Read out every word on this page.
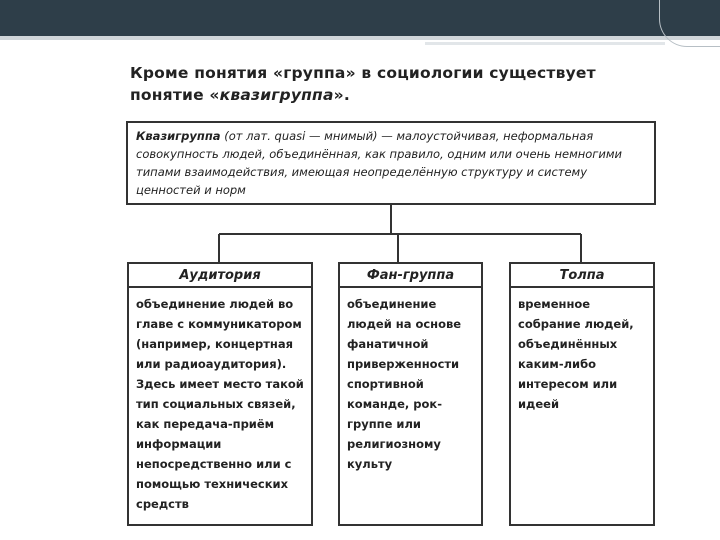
Кроме понятия «группа» в социологии существует
понятие «квазигруппа».
Квазигруппа (от лат. quasi — мнимый) — малоустойчивая, неформальная совокупность людей, объединённая, как правило, одним или очень немногими типами взаимодействия, имеющая неопределённую структуру и систему ценностей и норм
Аудитория
объединение людей во главе с коммуникатором (например, концертная или радиоаудитория). Здесь имеет место такой тип социальных связей, как передача-приём информации непосредственно или с помощью технических средств
Фан-группа
объединение людей на основе фанатичной приверженности спортивной команде, рок-группе или религиозному культу
Толпа
временное собрание людей, объединённых каким-либо интересом или идеей
